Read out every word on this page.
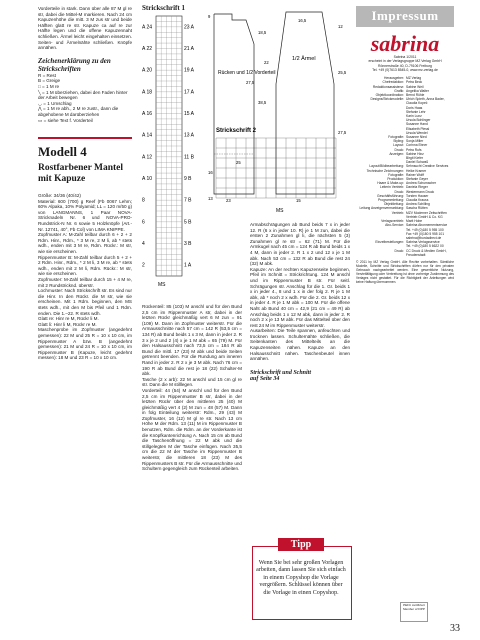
Vorderteile in stark. Dann über alle 87 M gl re str, dabei die Mittel-M markieren. Nach 24 cm Kapuzenhöhe die mitt. 3 M zus str und beide Hälften glatt re str. Kapuze ca auf re zur Hälfte legen und die offene Kapuzennaht schließen. Ärmel leicht eingehalten einsetzen. Seiten- und Ärmelnähte schließen. Knöpfe annähen.
Zeichenerklärung zu den Strickschriften
R = Rest
B = Greige
□ = 1 M re
╲ = 1 M überziehen, dabei den Faden hinter der Arbeit bewegen
◡ = 1 Umschlag
⋀ = 1 M re abh., 2 M re zustr., dann die abgehobene M darüberziehen
▭ = siehe Text f. Vorderteil
Modell 4
Rostfarbener Mantel mit Kapuze
Größe: 34/36 (40/42)
Material: 600 (700) g Reef (Fb 0067 Lehm; 60% Alpaka, 10% Polyamid; LL = 120 m/50 g) von LANGMANNS, 1 Paar NOVA-Stricknadeln Nr. 6 und NOVA-PRO-Rundstrick-N Nr. 6 sowie 5 Holzknöpfe (Art.-Nr. 12741, 40°, Fb Col) von LIMA KNIPPE.
Zopfmuster A: M-Zahl teilbar durch 6 + 2 + 2 Rdm. Hinr., Rdm., * 3 M re, 2 M li, ab * stets wdh., enden mit 3 M re, Rdm. Rückr.: M str, wie sie erscheinen.
Rippenmuster B: M-Zahl teilbar durch 5 + 2 + 2 Rdm. Hinr., Rdm., * 2 M li, 3 M re, ab * stets wdh., enden mit 2 M li, Rdm. Rückr.: M str, wie sie erscheinen.
Zopfmuster: M-Zahl teilbar durch 15 + 4 M re, mit 2 Rundstricknd. überstr.
Lochmuster: Nach Strickschrift str. Es sind nur die Hinr. In den Rückr. die M str, wie sie erscheinen. Mit 1 Rdm. beginnen, den MS stets wdh., mit den M bis Pfeil und 1 Rdm. enden. Die 1.–22. R stets wdh.
Glatt re: Hinr re M, Rückr li M.
Glatt li: Hinr li M, Rückr re M.
Maschenprobe im Zopfmuster (angedehnt gemessen): 22 M und 25 R = 10 x 10 cm, im Rippenmuster A bzw. B (angedehnt gemessen): 21 M und 24 R = 10 x 10 cm, im Rippenmuster B (Kapuze, leicht gedehnt messen): 18 M und 23 R = 10 x 10 cm.
Strickschrift 1
A 24	23 A
A 22	21 A
A 20	19 A
A 18	17 A
A 16	15 A
A 14	13 A
A 12	11 B
A 10	9 B
8	7 B
6	5 B
4	3 B
2	1 A
MS
Rücken und 1/2 Vorderteil
1/2 Ärmel
Strickschrift 2
MS
9
18,5
22
38,5
16,5
12
25,5
27,5
27,5
23
16
13	15
25
Rückenteil: 85 (103) M anschl und für den Bund 2,5 cm im Rippenmuster A str, dabei in der letzten Rückr gleichmäßig vert 6 M zun = 91 (109) M. Dann im Zopfmuster weiterstr. Für die Armausschnitte nach 57 cm = 142 R (53,5 cm = 134 R) ab Bund beids 1 x 3 M, dann in jeder 2. R 3 x je 2 und 2 (4) x je 1 M abk = 65 (79) M. Für den Halsausschnitt nach 73,5 cm = 184 R ab Bund die mittl. 17 (23) M abk und beide Seiten getrennt beenden. Für die Rundung am inneren Rand in jeder 2. R 2 x je 3 M abk. Nach 76 cm = 190 R ab Bund die rest je 18 (22) Schulter-M abk.
Tasche (2 x arb): 22 M anschl und 15 cm gl re str. Dann die M stilllegen.
Vorderteil: 44 (54) M anschl und für den Bund 2,5 cm im Rippenmuster B str, dabei in der letzten Rückr über den mittleren 25 (40) M gleichmäßig vert 4 (2) M zun = 48 (57) M. Dann in folg Einteilung weiterstr: Rdm., 29 (43) M Zopfmuster, 16 (12) M gl re str. Nach 13 cm Höhe M der Rdm. 13 (11) M im Rippenmuster B benutzen, Rdm. die Rdm. an der Vorderkante ist die Knöpfkantenrichtung A. Nach 15 cm ab Bund die Taschenöffnung = 22 M abk und die stillgelegten M der Tasche einfügen. Nach 35,5 cm die 22 M der Tasche im Rippenmuster B weiterstr, die mittleren 18 (23) M des Rippenmusters B str. Für die Armausschnitte und Schultern gegengleich zum Rückenteil arbeiten.
Armabschrägungen ab Bund beids 7 x in jeder 12. R (6 x in jeder 10. R) je 1 M zun, dabei die ersten 2 Zunahmen gl li, die nächsten 5 (3) Zunahmen gl re str = 62 (71) M. Für die Armkugel nach 45 cm = 124 R ab Bund beids 1 x 4 M, dann in jeder 2. R 1 x 2 und 12 x je 1 M abk. Nach 53 cm = 132 R ab Bund die rest 24 (32) M abk.
Kapuze: An der rechten Kapuzenseite beginnen, Pfeil im Schnitt = Strickrichtung. 124 M anschl und im Rippenmuster B str. Für seitl. Schrägungen str. Anschlag für die 1. Gr. beids 1 x in jeder 4., 8 und 1 x in der folg 2. R je 1 M abk, ab * noch 2 x wdh. Für die 2. Gr. beids 12 x in jeder 4. R je 1 M abk = 100 M. Für die offene Naht ab Bund 40 cm = 42,9 (21 cm = 49 R) ab Anschlag beids 1 x 12 M abk, dann in jeder 2. R noch 2 x je 13 M abk. Für das Mittelteil über den rest 24 M im Rippenmuster weiterstr.
Ausarbeiten: Die Teile spannen, anfeuchten und trocknen lassen. Schulternähte schließen, die Seitenkanten des Mittelteils an die Kapuzenseiten nähen. Kapuze an den Halsausschnitt nähen. Taschenbeutel innen annähen.
Strickschrift und Schnitt
auf Seite 34
Tipp
Wenn Sie bei sehr großen Vorlagen arbeiten, dann lassen Sie sich einfach in einem Copyshop die Vorlage vergrößern. Schlüssel können über die Vorlage in einen Copyshop.
Impressum
sabrina
Sabrina 1/2011
erscheint in der Verlagsgruppe MZ Verlag GmbH
Rönnerstraße 40, D-79106 Freiburg
Tel. +49 (0)7613 8545-0, www.mz-verlag.de
Herausgeber: MZ Verlag
Chefredaktion: Petra Beck
Redaktionsassistenz: Sabine Weil
Grafik: Angelika Walter
Objektkoordination: Bernd Rühle
Designs/Strickmodelle: Ulrich Spieth, Anna Bader, Claudia Kopeč
Doris Haas
Stefanie Lehr
Karin Lunz
Ursula Bohlinger
Susanne Hand
Elisabeth Plessl
Ursula Wendel
Fotografie: Susanne Nied
Styling: Sonja Miller
Layout: Corinna Ebner
Druck: Petra Rufs
Anzeigen: Sabine Hinz
Birgit Kiefer
Daniel Schwaß
Layout/Bildbearbeitung: Sehnsucht Creative Services
Technische Zeichnungen: Heike Kramer
Fotografie: Rainer Wolff
Produktion: Stefanie Geyer
Haare & Make-up: Andrea Schumacher
Leiterin Vertrieb: Daniela Rieger
Druck: Westermann Druck
Geschäftsführung: Torsten Hauser
Programmleitung: Claudia Krauss
Objektleitung: Andrea Schilling
Leitung Anzeigenvermarktung: Sascha Rütten
Vertrieb: MZV Moderner Zeitschriften Vertrieb GmbH & Co. KG
Verlagsvertrieb: Marit Hobe
Abo-Service: Sabrina Abonnementservice
Tel. +49 (0)180 5 955 100
Fax +49 (0)180 5 955 101
sabrina@burdadirect.de
Einzelbestellungen: Sabrina Verlagsservice
Tel. +49 (0)180 5 6622 00
Druck: CC Druck & Medien GmbH, Freudenstadt
© 2011 by MZ Verlag GmbH. Alle Rechte vorbehalten. Sämtliche Modelle, Schnitte und Strickschriften dürfen nur für den privaten Gebrauch nachgearbeitet werden. Eine gewerbliche Nutzung, Vervielfältigung oder Verbreitung ist ohne vorherige Zustimmung des Verlages nicht gestattet. Für die Richtigkeit der Anleitungen wird keine Haftung übernommen.
PEFC zertifiziert
Member of FIPP
33
